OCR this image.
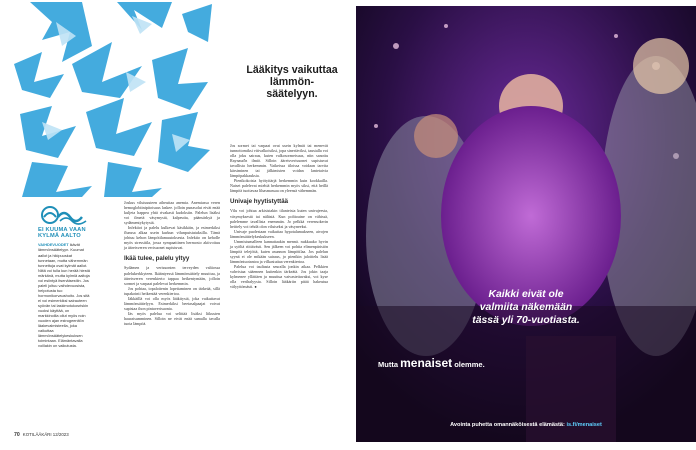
Lääkitys vaikuttaa lämmön-säätelyyn.
EI KUUMA VAAN KYLMÄ AALTO
VAIHDEVUODET ikävät lämmönsäätelyyn. Kuumat aallot ja hikipuuskat tunnetaan, mutta vähemmän tunnettuja ovat kylmät aallot. Niitä voi tulla kun herää hiestä märkänä, mutta kylmiä aaltoja voi esiintyä itsenäisestiin. Jos paleli joltuu vaihdevuosista, helpotusta tuo hormonikorvaushoito. Jos sitä ei voi esimerkiksi sairauteen syövän tai laskimotukosriskin vuoksi käyttää, on markkinoilla ollut myös noin vuoden ajan estrogeenitön läakevalmisteella, joka vaikuttaa lämmönsäätelykeskuksen toimintaan. Elämäntavalla voillakin on vaikutusta.

Joskus viluisuuteen aiheuttaa anemia. Anemiassa veren hemoglobiinipitoisuus laskee. jolloin punasolut eivät enää kuljeta happea yhtä rivakasti kudoksiin. Palelun lisäksi voi ilmetä väsymystä, kalpeutta, päänsärkyä ja sydämentykytystä.

Infektiot ja palelu kulkevat käsikkäin, ja esimerkiksi flunssa alkaa usein kurkun vilunpuistatuksilla. Tämä johtuu kehon lämpötilamuutoksesta. Infektio on keholle myös stressitila, jossa sympaattinen hermosto aktivoituu ja ääreisveren verisuonet supistuvat.

Ikää tulee, palelu yltyy

Sydämen ja verisuonten terveyden valtiossa palelukerkkyteen. Ikääntyessä lämmönsäätely muuttuu, ja ääreisveren verenkierto tappaa heikentymään, jolloin sormet ja varpaat palelevat herkemmin.

Jos pohtaa, topaloitenin lopettaminen on tärkeää, sillä tupakointi heikentää verenkiertoa.

Iäkkäillä voi olla myös lääkitystä, joka vaikuttavat lämmönsäätelyyn. Esimerkiksi beetasalpaajat voivat supistaa ihon pintaverisuonia.

Iäs myös palelua voi selittää lisäksi liikusten hauraisumminen. Silloin ne eivät enää samalla tavalla tuota lämpöä.

Jos sormet tai varpaat ovat usein kylmät tai menevät tunnottomiksi vitivalkoisiksi, jopa sinertäviksi, taustalla voi olla joku sairaus, kuten valkosormeisuus, niin sanottu Raynaud'n ilmiö. Silloin ääreisverisuonet supistuvat tavallista herkemmin. Vaikeissa tiloissa voidaan tarvita kärsiminen tai jälkimisten voidan lantetaivia lämpöpakkauksia.

Pienikokoisia hyötyitärjä herkemmin kuin kookkailla. Naiset palelevat miehiä herkemmin myös siksi, että heillä lämpöä tuottavaa lihasmassaa on yleensä vähemmän.

Univaje hyytistyttää

Vilu voi johtua arkisistakin tilanteista kuten univajeesta, väsymyksestä tai nälästä. Kun polttoaine on vähissä, palelemme tavallista enemmän. Jo pelkkä verensokerin heittely voi tehdä olon viluiseksi ja väsyneeksi.

Univaje puolestaan vaikuttaa hypotalamukseen, aivojen lämmönsäätelykeskukseen.

Ummistumalleen kannattaakin mennä. nukkuako hyvin ja syöltä riittävästi. Sen jälkeen voi pohtia elimenpäristön lämpöä telejöitä, kuten asunnon lämpötilaa. Jos palelun syynä ei ole mikään sairaus, jo pienikin jaloittelu lisää lämmöntuotantoa ja vilkastuttaa verenkiertoa.

Palelua voi taultasta seuralla jonkin aikaa. Pelkkien vahvistaa sääennen kuitenkin tärkeätä. Jos jokin taaja kylmenee yllättäen ja muuttua vaivastettavaksi, voi kyse olla verihalyysta. Silloin lääkäriin pitää hakeutua välyyttömästi. ●

70 KOTILÄÄKÄRI 12/2023
Kaikki eivät ole
valmiita näkemään
tässä yli 70-vuotiasta.
Mutta menaiset olemme.
Avointa puhetta omannäköisestä elämästä: is.fi/menaiset
